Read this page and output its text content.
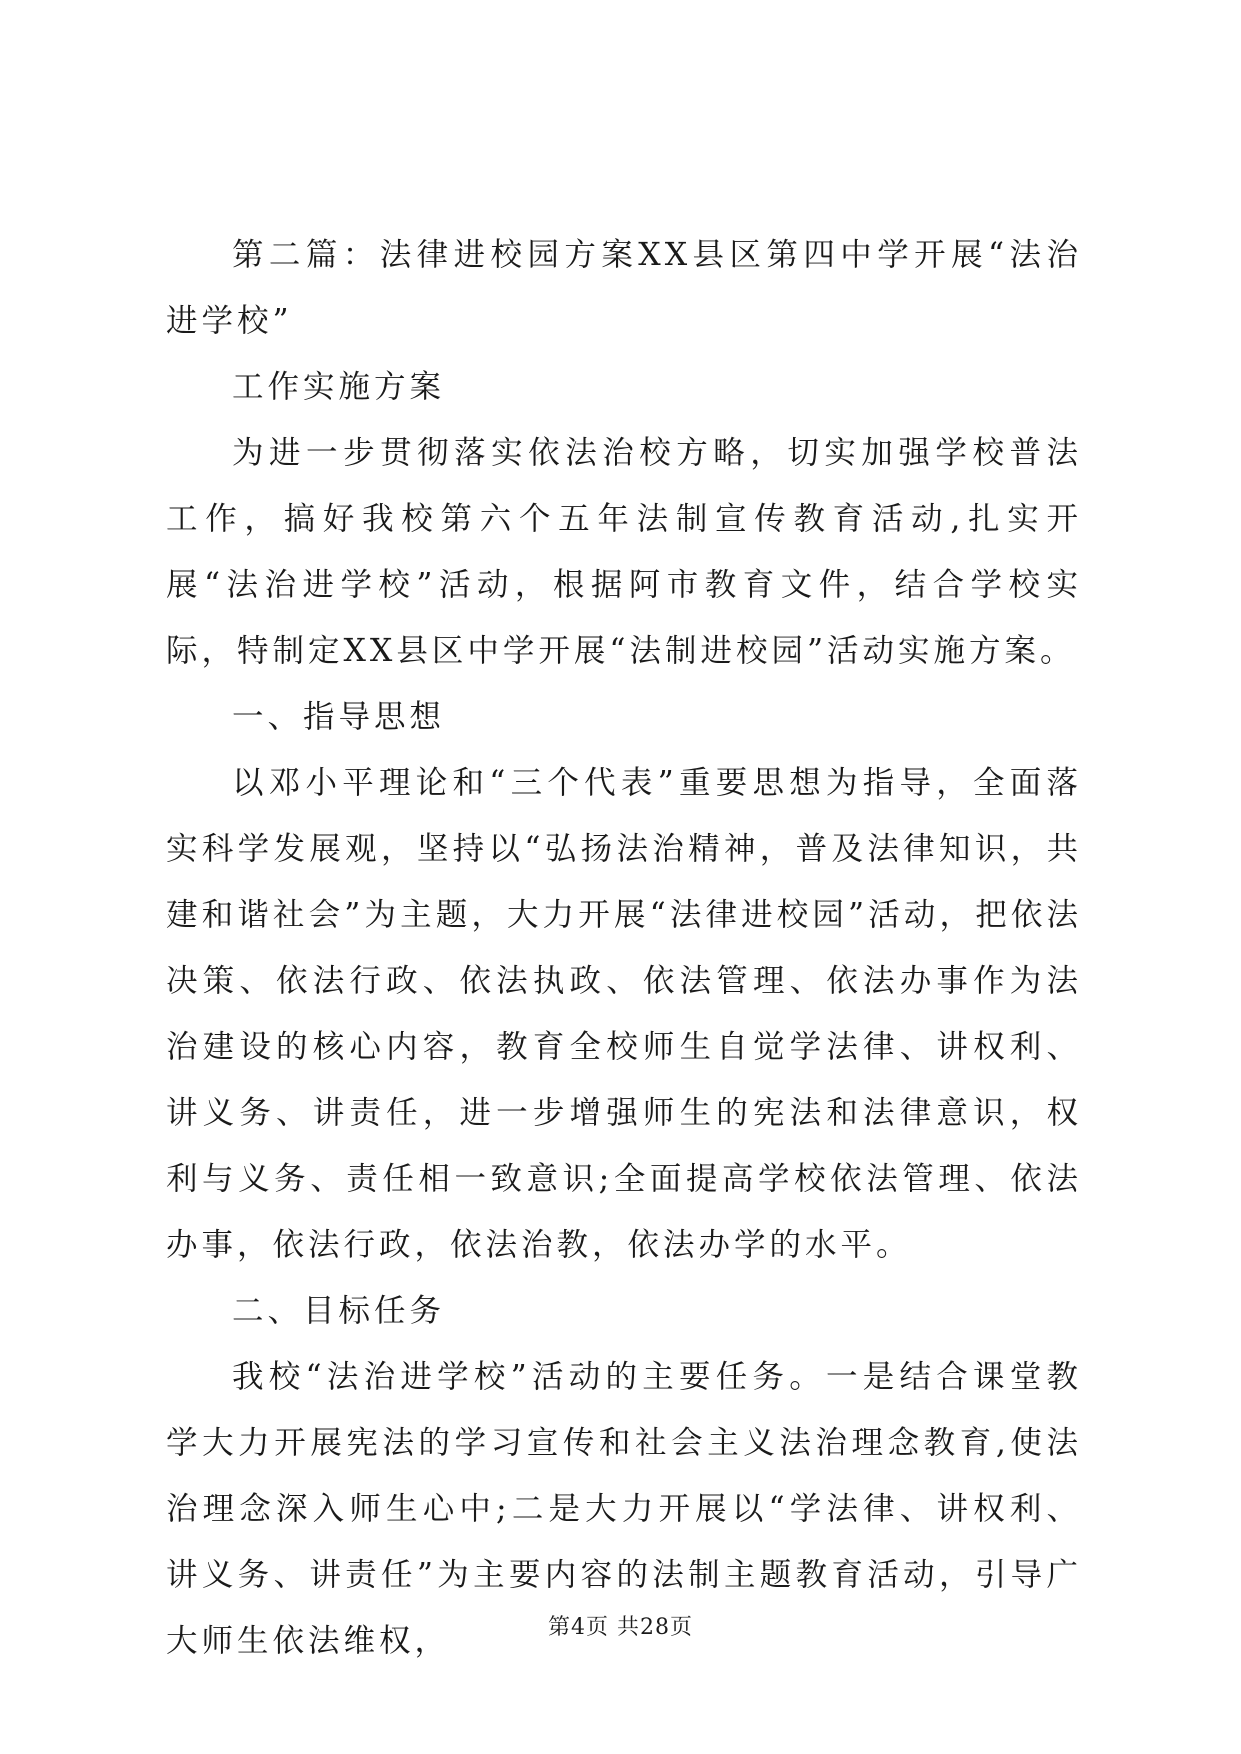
第二篇：法律进校园方案XX县区第四中学开展“法治进学校”

工作实施方案

为进一步贯彻落实依法治校方略，切实加强学校普法工作，搞好我校第六个五年法制宣传教育活动,扎实开展“法治进学校”活动，根据阿市教育文件，结合学校实际，特制定XX县区中学开展“法制进校园”活动实施方案。

一、指导思想

以邓小平理论和“三个代表”重要思想为指导，全面落实科学发展观，坚持以“弘扬法治精神，普及法律知识，共建和谐社会”为主题，大力开展“法律进校园”活动，把依法决策、依法行政、依法执政、依法管理、依法办事作为法治建设的核心内容，教育全校师生自觉学法律、讲权利、讲义务、讲责任，进一步增强师生的宪法和法律意识，权利与义务、责任相一致意识;全面提高学校依法管理、依法办事，依法行政，依法治教，依法办学的水平。

二、目标任务

我校“法治进学校”活动的主要任务。一是结合课堂教学大力开展宪法的学习宣传和社会主义法治理念教育,使法治理念深入师生心中;二是大力开展以“学法律、讲权利、讲义务、讲责任”为主要内容的法制主题教育活动，引导广大师生依法维权，	第4页 共28页
